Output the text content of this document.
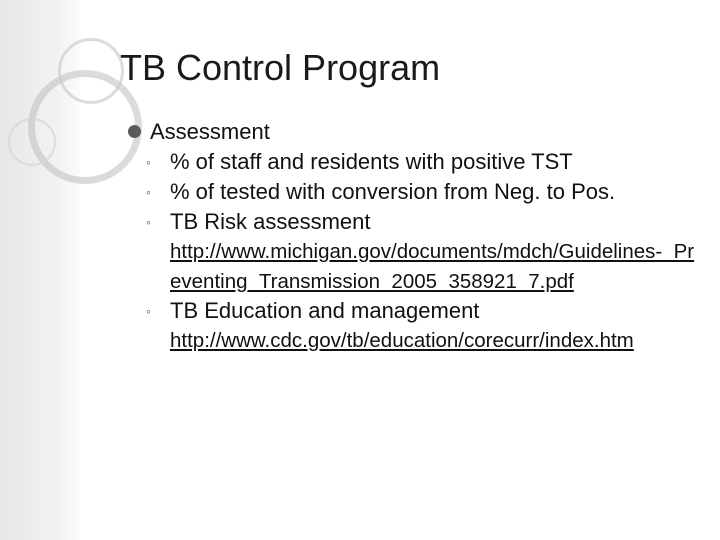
TB Control Program
Assessment
◦ % of staff and residents with positive TST
◦ % of tested with conversion from Neg. to Pos.
◦ TB Risk assessment
http://www.michigan.gov/documents/mdch/Guidelines-_Preventing_Transmission_2005_358921_7.pdf
◦ TB Education and management
http://www.cdc.gov/tb/education/corecurr/index.htm
